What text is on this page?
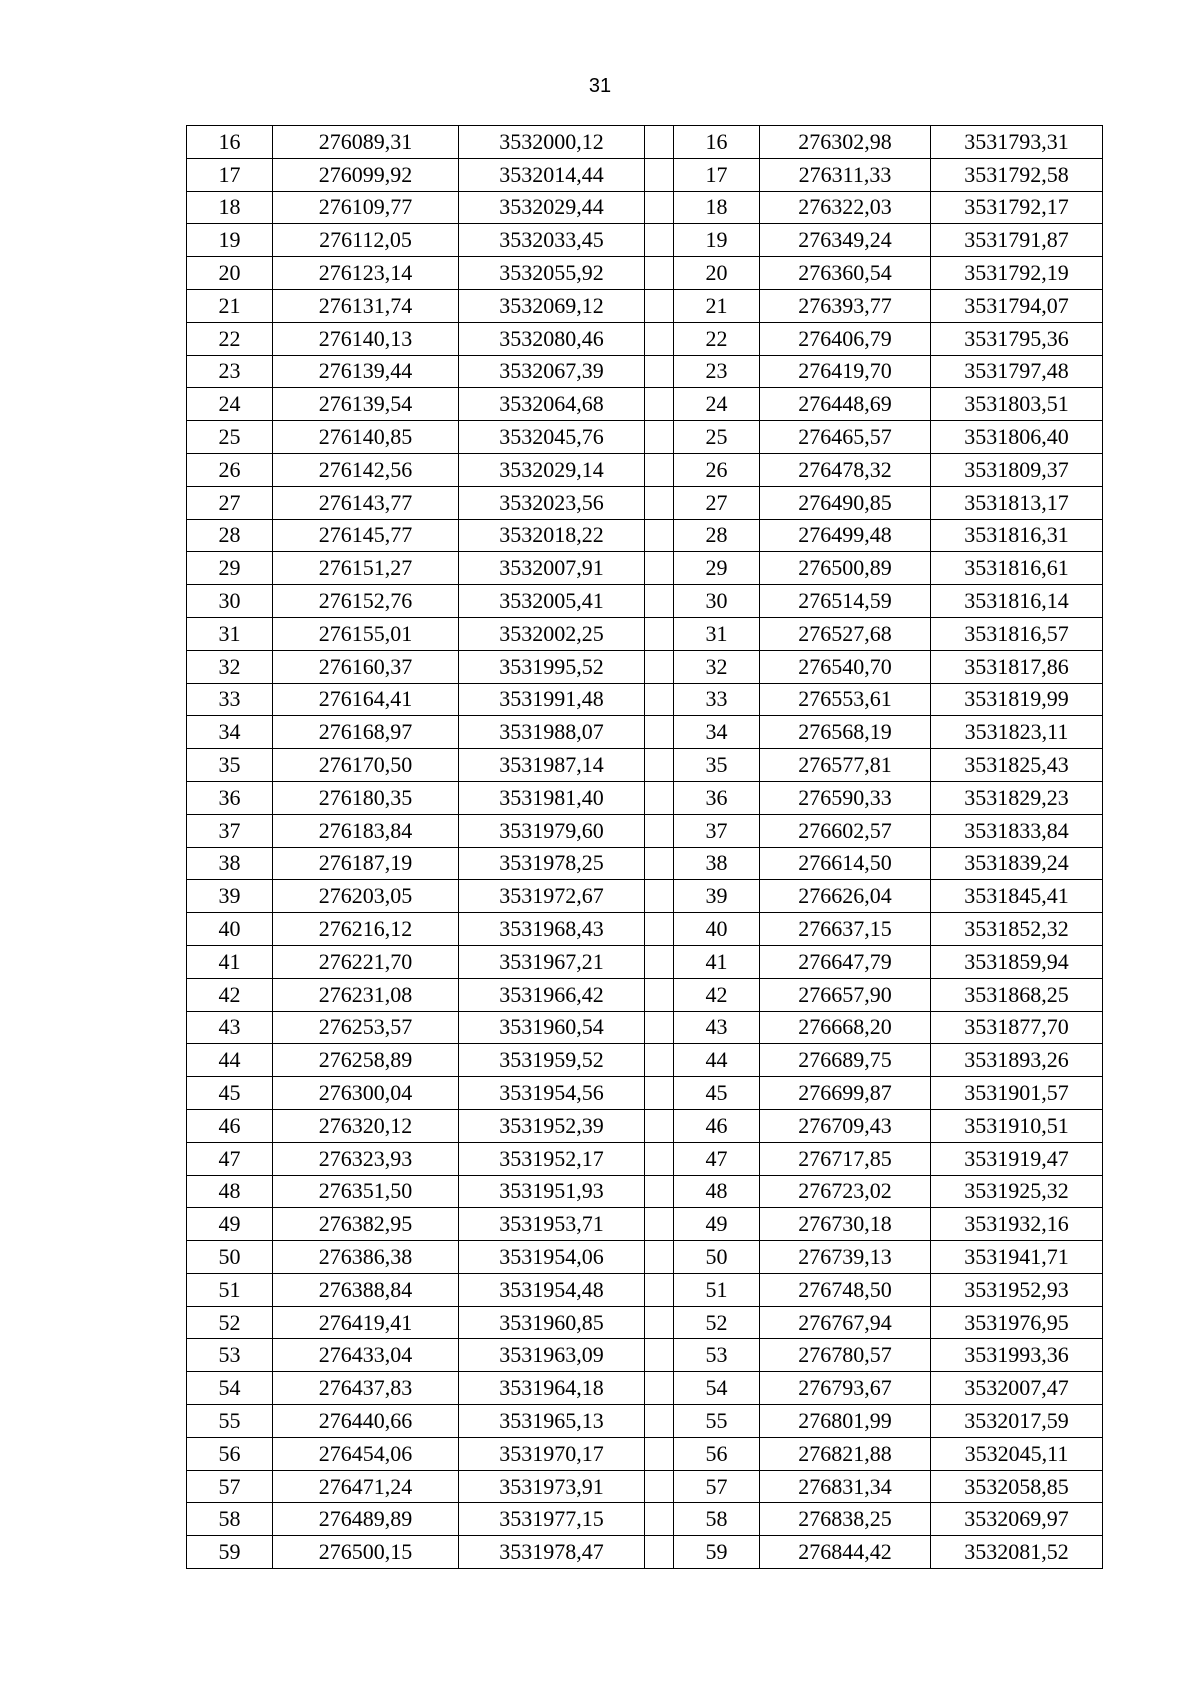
31
16	276089,31	3532000,12		16	276302,98	3531793,31
17	276099,92	3532014,44		17	276311,33	3531792,58
18	276109,77	3532029,44		18	276322,03	3531792,17
19	276112,05	3532033,45		19	276349,24	3531791,87
20	276123,14	3532055,92		20	276360,54	3531792,19
21	276131,74	3532069,12		21	276393,77	3531794,07
22	276140,13	3532080,46		22	276406,79	3531795,36
23	276139,44	3532067,39		23	276419,70	3531797,48
24	276139,54	3532064,68		24	276448,69	3531803,51
25	276140,85	3532045,76		25	276465,57	3531806,40
26	276142,56	3532029,14		26	276478,32	3531809,37
27	276143,77	3532023,56		27	276490,85	3531813,17
28	276145,77	3532018,22		28	276499,48	3531816,31
29	276151,27	3532007,91		29	276500,89	3531816,61
30	276152,76	3532005,41		30	276514,59	3531816,14
31	276155,01	3532002,25		31	276527,68	3531816,57
32	276160,37	3531995,52		32	276540,70	3531817,86
33	276164,41	3531991,48		33	276553,61	3531819,99
34	276168,97	3531988,07		34	276568,19	3531823,11
35	276170,50	3531987,14		35	276577,81	3531825,43
36	276180,35	3531981,40		36	276590,33	3531829,23
37	276183,84	3531979,60		37	276602,57	3531833,84
38	276187,19	3531978,25		38	276614,50	3531839,24
39	276203,05	3531972,67		39	276626,04	3531845,41
40	276216,12	3531968,43		40	276637,15	3531852,32
41	276221,70	3531967,21		41	276647,79	3531859,94
42	276231,08	3531966,42		42	276657,90	3531868,25
43	276253,57	3531960,54		43	276668,20	3531877,70
44	276258,89	3531959,52		44	276689,75	3531893,26
45	276300,04	3531954,56		45	276699,87	3531901,57
46	276320,12	3531952,39		46	276709,43	3531910,51
47	276323,93	3531952,17		47	276717,85	3531919,47
48	276351,50	3531951,93		48	276723,02	3531925,32
49	276382,95	3531953,71		49	276730,18	3531932,16
50	276386,38	3531954,06		50	276739,13	3531941,71
51	276388,84	3531954,48		51	276748,50	3531952,93
52	276419,41	3531960,85		52	276767,94	3531976,95
53	276433,04	3531963,09		53	276780,57	3531993,36
54	276437,83	3531964,18		54	276793,67	3532007,47
55	276440,66	3531965,13		55	276801,99	3532017,59
56	276454,06	3531970,17		56	276821,88	3532045,11
57	276471,24	3531973,91		57	276831,34	3532058,85
58	276489,89	3531977,15		58	276838,25	3532069,97
59	276500,15	3531978,47		59	276844,42	3532081,52
